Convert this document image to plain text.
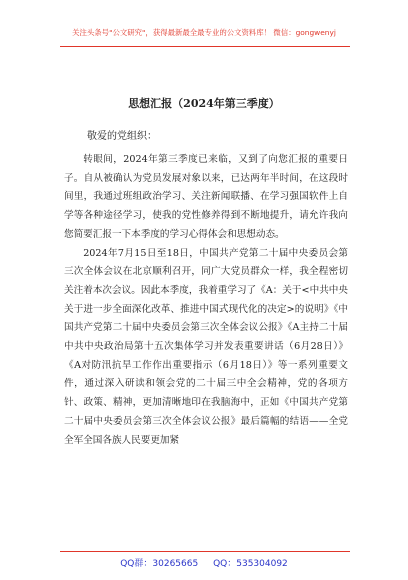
关注头条号"公文研究"，获得最新最全最专业的公文资料库！ 微信：gongwenyj
思想汇报（2024年第三季度）
敬爱的党组织：

转眼间，2024年第三季度已来临，又到了向您汇报的重要日子。自从被确认为党员发展对象以来，已达两年半时间，在这段时间里，我通过班组政治学习、关注新闻联播、在学习强国软件上自学等各种途径学习，使我的党性修养得到不断地提升，请允许我向您简要汇报一下本季度的学习心得体会和思想动态。

2024年7月15日至18日，中国共产党第二十届中央委员会第三次全体会议在北京顺利召开，同广大党员群众一样，我全程密切关注着本次会议。因此本季度，我着重学习了《A：关于<中共中央关于进一步全面深化改革、推进中国式现代化的决定>的说明》《中国共产党第二十届中央委员会第三次全体会议公报》《A主持二十届中共中央政治局第十五次集体学习并发表重要讲话（6月28日）》《A对防汛抗旱工作作出重要指示（6月18日）》等一系列重要文件，通过深入研读和领会党的二十届三中全会精神，党的各项方针、政策、精神，更加清晰地印在我脑海中，正如《中国共产党第二十届中央委员会第三次全体会议公报》最后篇幅的结语——全党全军全国各族人民要更加紧

QQ群：30265665 QQ：535304092
